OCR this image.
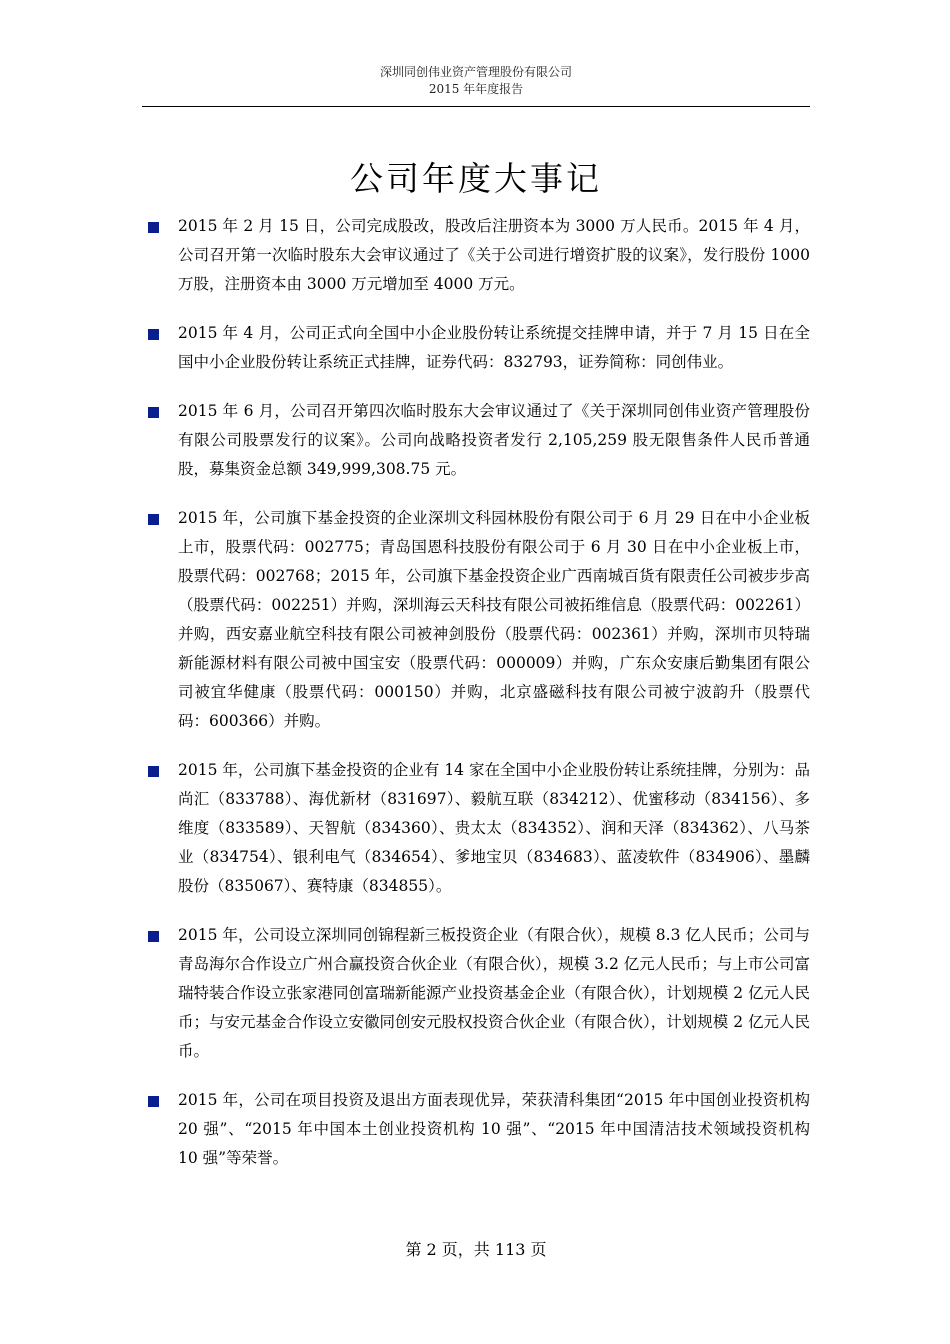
深圳同创伟业资产管理股份有限公司
2015 年年度报告
公司年度大事记
2015 年 2 月 15 日，公司完成股改，股改后注册资本为 3000 万人民币。2015 年 4 月，公司召开第一次临时股东大会审议通过了《关于公司进行增资扩股的议案》，发行股份 1000 万股，注册资本由 3000 万元增加至 4000 万元。
2015 年 4 月，公司正式向全国中小企业股份转让系统提交挂牌申请，并于 7 月 15 日在全国中小企业股份转让系统正式挂牌，证券代码：832793，证券简称：同创伟业。
2015 年 6 月，公司召开第四次临时股东大会审议通过了《关于深圳同创伟业资产管理股份有限公司股票发行的议案》。公司向战略投资者发行 2,105,259 股无限售条件人民币普通股，募集资金总额 349,999,308.75 元。
2015 年，公司旗下基金投资的企业深圳文科园林股份有限公司于 6 月 29 日在中小企业板上市，股票代码：002775；青岛国恩科技股份有限公司于 6 月 30 日在中小企业板上市，股票代码：002768；2015 年，公司旗下基金投资企业广西南城百货有限责任公司被步步高（股票代码：002251）并购，深圳海云天科技有限公司被拓维信息（股票代码：002261）并购，西安嘉业航空科技有限公司被神剑股份（股票代码：002361）并购，深圳市贝特瑞新能源材料有限公司被中国宝安（股票代码：000009）并购，广东众安康后勤集团有限公司被宜华健康（股票代码：000150）并购，北京盛磁科技有限公司被宁波韵升（股票代码：600366）并购。
2015 年，公司旗下基金投资的企业有 14 家在全国中小企业股份转让系统挂牌，分别为：品尚汇（833788）、海优新材（831697）、毅航互联（834212）、优蜜移动（834156）、多维度（833589）、天智航（834360）、贵太太（834352）、润和天泽（834362）、八马茶业（834754）、银利电气（834654）、爹地宝贝（834683）、蓝凌软件（834906）、墨麟股份（835067）、赛特康（834855）。
2015 年，公司设立深圳同创锦程新三板投资企业（有限合伙），规模 8.3 亿人民币；公司与青岛海尔合作设立广州合赢投资合伙企业（有限合伙），规模 3.2 亿元人民币；与上市公司富瑞特装合作设立张家港同创富瑞新能源产业投资基金企业（有限合伙），计划规模 2 亿元人民币；与安元基金合作设立安徽同创安元股权投资合伙企业（有限合伙），计划规模 2 亿元人民币。
2015 年，公司在项目投资及退出方面表现优异，荣获清科集团“2015 年中国创业投资机构 20 强”、“2015 年中国本土创业投资机构 10 强”、“2015 年中国清洁技术领域投资机构 10 强”等荣誉。
第 2 页，共 113 页
